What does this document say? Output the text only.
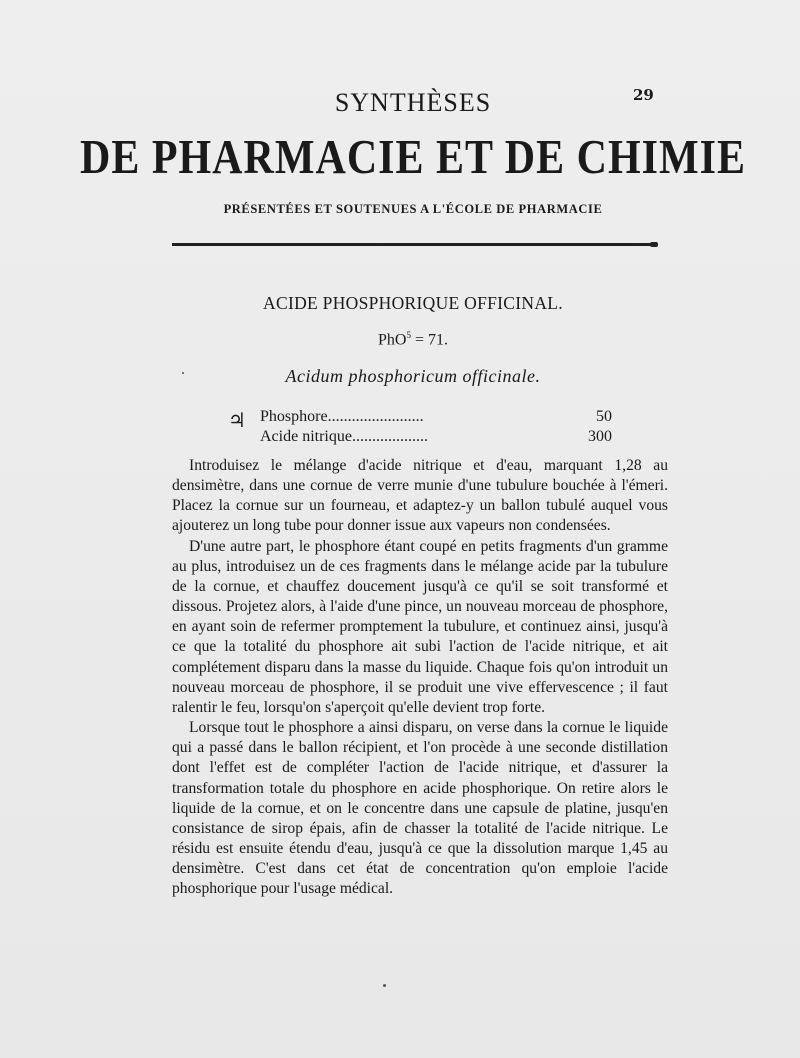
29
SYNTHÈSES
DE PHARMACIE ET DE CHIMIE
PRÉSENTÉES ET SOUTENUES A L'ÉCOLE DE PHARMACIE
ACIDE PHOSPHORIQUE OFFICINAL.
PhO$^5$ = 71.
Acidum phosphoricum officinale.
♃ Phosphore........................	50
Acide nitrique...................	300

Introduisez le mélange d'acide nitrique et d'eau, marquant 1,28 au densimètre, dans une cornue de verre munie d'une tubulure bouchée à l'émeri. Placez la cornue sur un fourneau, et adaptez-y un ballon tubulé auquel vous ajouterez un long tube pour donner issue aux vapeurs non condensées.

D'une autre part, le phosphore étant coupé en petits fragments d'un gramme au plus, introduisez un de ces fragments dans le mélange acide par la tubulure de la cornue, et chauffez doucement jusqu'à ce qu'il se soit transformé et dissous. Projetez alors, à l'aide d'une pince, un nouveau morceau de phosphore, en ayant soin de refermer promptement la tubulure, et continuez ainsi, jusqu'à ce que la totalité du phosphore ait subi l'action de l'acide nitrique, et ait complétement disparu dans la masse du liquide. Chaque fois qu'on introduit un nouveau morceau de phosphore, il se produit une vive effervescence ; il faut ralentir le feu, lorsqu'on s'aperçoit qu'elle devient trop forte.

Lorsque tout le phosphore a ainsi disparu, on verse dans la cornue le liquide qui a passé dans le ballon récipient, et l'on procède à une seconde distillation dont l'effet est de compléter l'action de l'acide nitrique, et d'assurer la transformation totale du phosphore en acide phosphorique. On retire alors le liquide de la cornue, et on le concentre dans une capsule de platine, jusqu'en consistance de sirop épais, afin de chasser la totalité de l'acide nitrique. Le résidu est ensuite étendu d'eau, jusqu'à ce que la dissolution marque 1,45 au densimètre. C'est dans cet état de concentration qu'on emploie l'acide phosphorique pour l'usage médical.
